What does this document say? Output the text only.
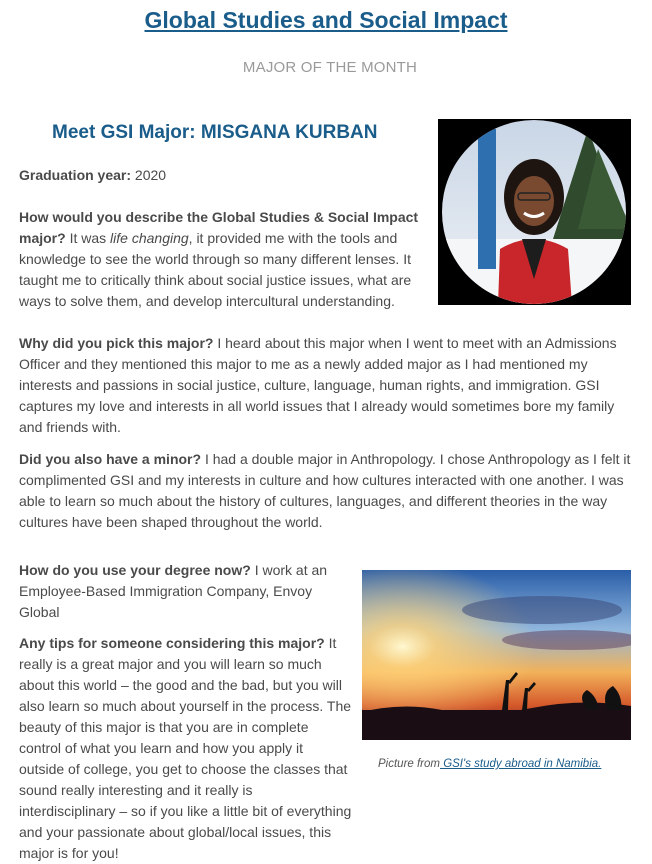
Global Studies and Social Impact
MAJOR OF THE MONTH
Meet GSI Major: MISGANA KURBAN

Graduation year: 2020

How would you describe the Global Studies & Social Impact major? It was life changing, it provided me with the tools and knowledge to see the world through so many different lenses. It taught me to critically think about social justice issues, what are ways to solve them, and develop intercultural understanding.

Why did you pick this major? I heard about this major when I went to meet with an Admissions Officer and they mentioned this major to me as a newly added major as I had mentioned my interests and passions in social justice, culture, language, human rights, and immigration. GSI captures my love and interests in all world issues that I already would sometimes bore my family and friends with.

Did you also have a minor? I had a double major in Anthropology. I chose Anthropology as I felt it complimented GSI and my interests in culture and how cultures interacted with one another. I was able to learn so much about the history of cultures, languages, and different theories in the way cultures have been shaped throughout the world.

How do you use your degree now? I work at an Employee-Based Immigration Company, Envoy Global

Any tips for someone considering this major? It really is a great major and you will learn so much about this world – the good and the bad, but you will also learn so much about yourself in the process. The beauty of this major is that you are in complete control of what you learn and how you apply it outside of college, you get to choose the classes that sound really interesting and it really is interdisciplinary – so if you like a little bit of everything and your passionate about global/local issues, this major is for you!

Picture from GSI's study abroad in Namibia.
